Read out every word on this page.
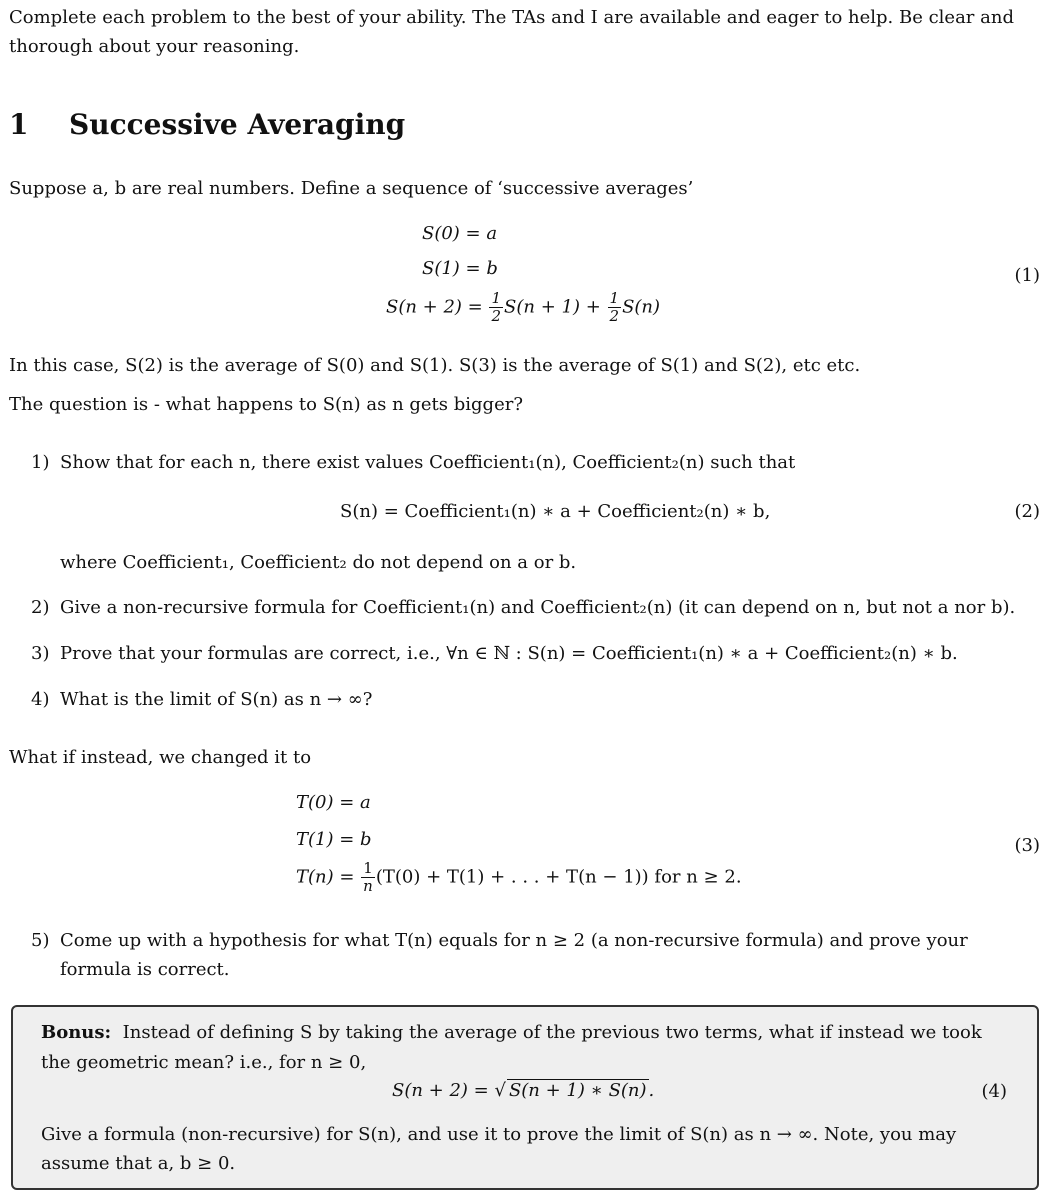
Complete each problem to the best of your ability. The TAs and I are available and eager to help. Be clear and thorough about your reasoning.
1 Successive Averaging
Suppose a, b are real numbers. Define a sequence of ‘successive averages’
S(0) = a
S(1) = b
$S(n + 2) = \frac{1}{2} S(n + 1) + \frac{1}{2} S(n)$
(1)
In this case, S(2) is the average of S(0) and S(1). S(3) is the average of S(1) and S(2), etc etc.
The question is - what happens to S(n) as n gets bigger?
1) Show that for each n, there exist values Coefficient₁(n), Coefficient₂(n) such that
S(n) = Coefficient₁(n) ∗ a + Coefficient₂(n) ∗ b,	(2)
where Coefficient₁, Coefficient₂ do not depend on a or b.
2) Give a non-recursive formula for Coefficient₁(n) and Coefficient₂(n) (it can depend on n, but not a nor b).
3) Prove that your formulas are correct, i.e., ∀n ∈ ℕ : S(n) = Coefficient₁(n) ∗ a + Coefficient₂(n) ∗ b.
4) What is the limit of S(n) as n → ∞?
What if instead, we changed it to
T(0) = a
T(1) = b
$T(n) = \frac{1}{n} (T(0) + T(1)$ + . . . + T(n − 1)) for n ≥ 2.
(3)
5) Come up with a hypothesis for what T(n) equals for n ≥ 2 (a non-recursive formula) and prove your formula is correct.
Bonus: Instead of defining S by taking the average of the previous two terms, what if instead we took the geometric mean? i.e., for n ≥ 0,
S(n + 2) = √ S(n + 1) ∗ S(n) .	(4)
Give a formula (non-recursive) for S(n), and use it to prove the limit of S(n) as n → ∞. Note, you may assume that a, b ≥ 0.
